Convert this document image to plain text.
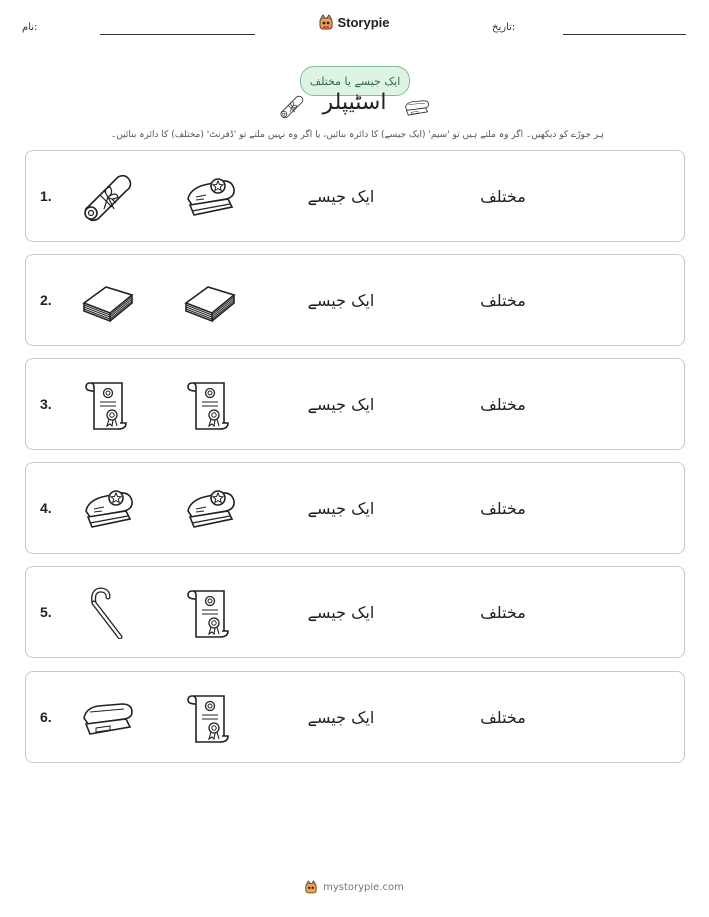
نام:	Storypie	تاریخ:
ایک جیسے یا مختلف
اسٹیپلر
ہر جوڑے کو دیکھیں۔ اگر وہ ملتے ہیں تو 'سیم' (ایک جیسے) کا دائرہ بنائیں، یا اگر وہ نہیں ملتے تو 'ڈفرنٹ' (مختلف) کا دائرہ بنائیں۔
1.	ایک جیسے	مختلف
2.	ایک جیسے	مختلف
3.	ایک جیسے	مختلف
4.	ایک جیسے	مختلف
5.	ایک جیسے	مختلف
6.	ایک جیسے	مختلف
mystorypie.com
